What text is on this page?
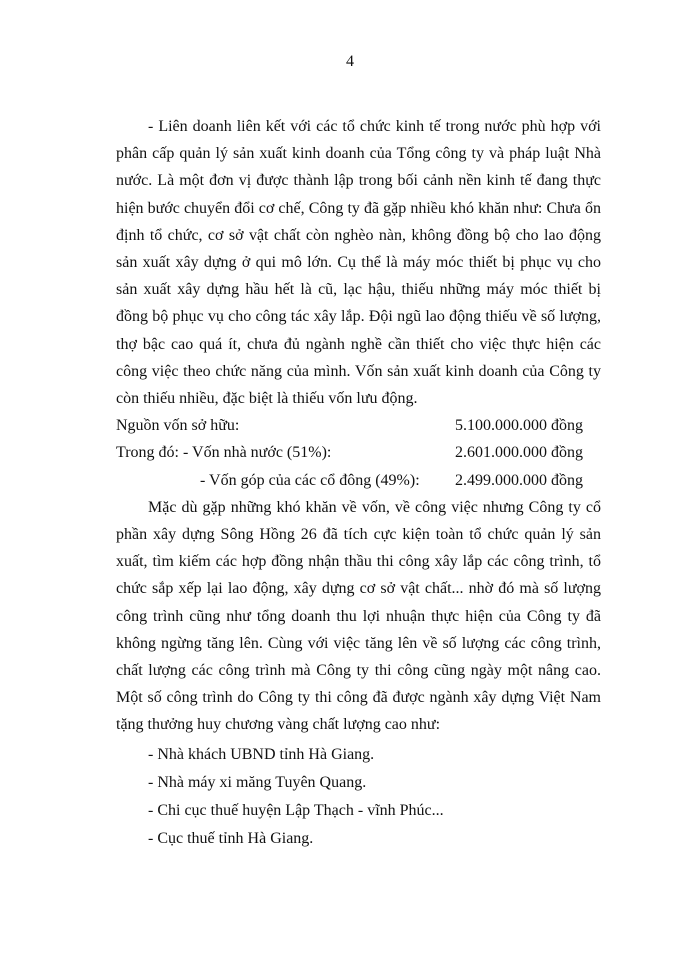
4

- Liên doanh liên kết với các tổ chức kinh tế trong nước phù hợp với phân cấp quản lý sản xuất kinh doanh của Tổng công ty và pháp luật Nhà nước. Là một đơn vị được thành lập trong bối cảnh nền kinh tế đang thực hiện bước chuyển đổi cơ chế, Công ty đã gặp nhiều khó khăn như: Chưa ổn định tổ chức, cơ sở vật chất còn nghèo nàn, không đồng bộ cho lao động sản xuất xây dựng ở qui mô lớn. Cụ thể là máy móc thiết bị phục vụ cho sản xuất xây dựng hầu hết là cũ, lạc hậu, thiếu những máy móc thiết bị đồng bộ phục vụ cho công tác xây lắp. Đội ngũ lao động thiếu về số lượng, thợ bậc cao quá ít, chưa đủ ngành nghề cần thiết cho việc thực hiện các công việc theo chức năng của mình. Vốn sản xuất kinh doanh của Công ty còn thiếu nhiều, đặc biệt là thiếu vốn lưu động.

Nguồn vốn sở hữu:	5.100.000.000 đồng
Trong đó: - Vốn nhà nước (51%):	2.601.000.000 đồng
- Vốn góp của các cổ đông (49%): 2.499.000.000 đồng

Mặc dù gặp những khó khăn về vốn, về công việc nhưng Công ty cổ phần xây dựng Sông Hồng 26 đã tích cực kiện toàn tổ chức quản lý sản xuất, tìm kiếm các hợp đồng nhận thầu thi công xây lắp các công trình, tổ chức sắp xếp lại lao động, xây dựng cơ sở vật chất... nhờ đó mà số lượng công trình cũng như tổng doanh thu lợi nhuận thực hiện của Công ty đã không ngừng tăng lên. Cùng với việc tăng lên về số lượng các công trình, chất lượng các công trình mà Công ty thi công cũng ngày một nâng cao. Một số công trình do Công ty thi công đã được ngành xây dựng Việt Nam tặng thưởng huy chương vàng chất lượng cao như:

- Nhà khách UBND tỉnh Hà Giang.

- Nhà máy xi măng Tuyên Quang.

- Chi cục thuế huyện Lập Thạch - vĩnh Phúc...

- Cục thuế tỉnh Hà Giang.
